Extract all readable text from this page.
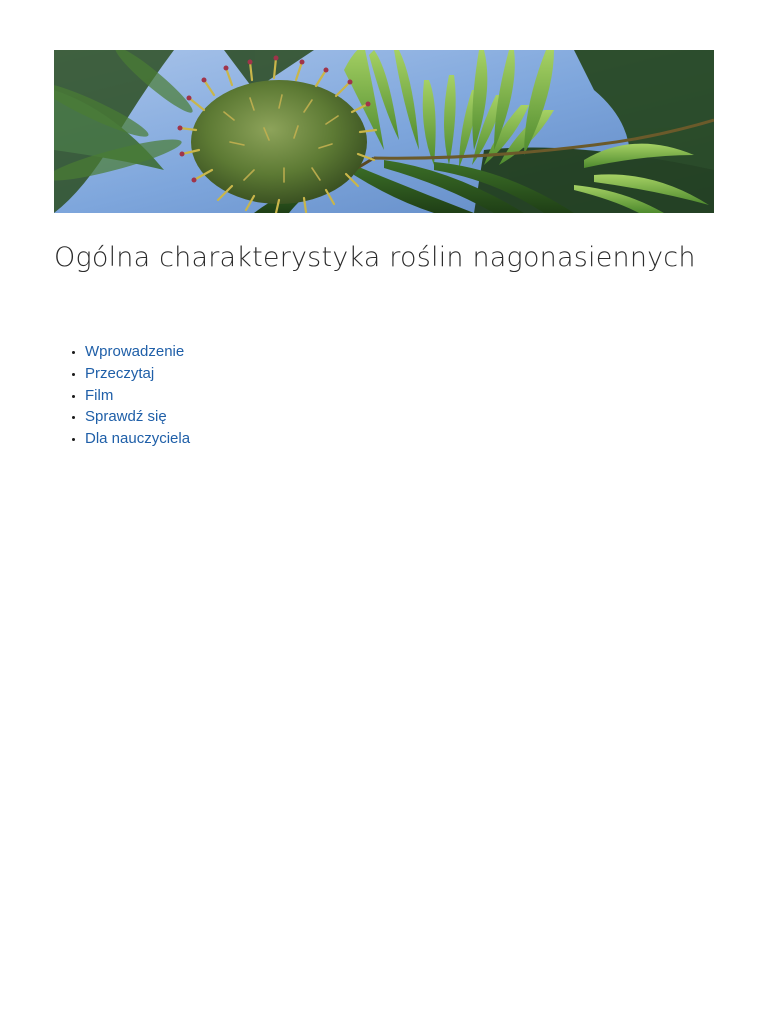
Ogólna charakterystyka roślin nagonasiennych
• Wprowadzenie
• Przeczytaj
• Film
• Sprawdź się
• Dla nauczyciela
